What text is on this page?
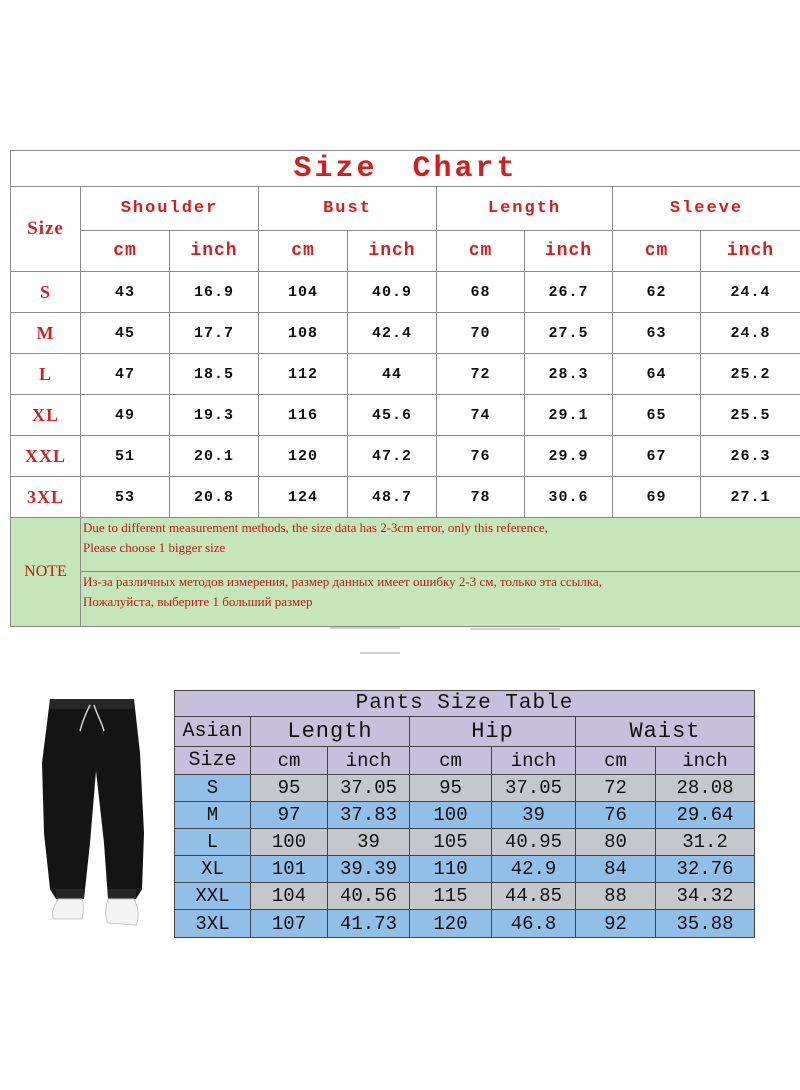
Size Chart								
Size	Shoulder		Bust		Length		Sleeve	
	cm	inch	cm	inch	cm	inch	cm	inch
S	43	16.9	104	40.9	68	26.7	62	24.4
M	45	17.7	108	42.4	70	27.5	63	24.8
L	47	18.5	112	44	72	28.3	64	25.2
XL	49	19.3	116	45.6	74	29.1	65	25.5
XXL	51	20.1	120	47.2	76	29.9	67	26.3
3XL	53	20.8	124	48.7	78	30.6	69	27.1
NOTE	Due to different measurement methods, the size data has 2-3cm error, only this reference,
Please choose 1 bigger size							

	Из-за различных методов измерения, размер данных имеет ошибку 2-3 см, только эта ссылка,
Пожалуйста, выберите 1 больший размер							
Pants Size Table						
Asian	Length		Hip		Waist	
Size	cm	inch	cm	inch	cm	inch
S	95	37.05	95	37.05	72	28.08
M	97	37.83	100	39	76	29.64
L	100	39	105	40.95	80	31.2
XL	101	39.39	110	42.9	84	32.76
XXL	104	40.56	115	44.85	88	34.32
3XL	107	41.73	120	46.8	92	35.88
